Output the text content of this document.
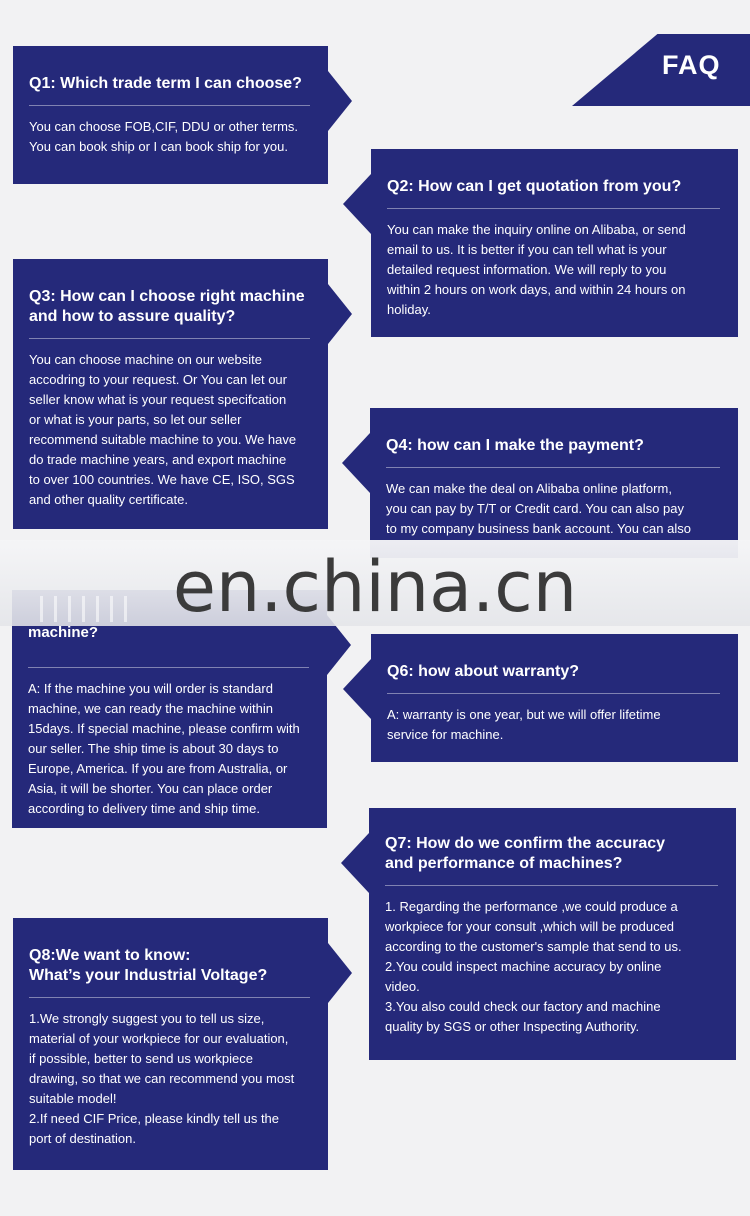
FAQ

Q1: Which trade term I can choose?

You can choose FOB,CIF, DDU or other terms.
You can book ship or I can book ship for you.

Q2: How can I get quotation from you?

You can make the inquiry online on Alibaba, or send
email to us. It is better if you can tell what is your
detailed request information. We will reply to you
within 2 hours on work days, and within 24 hours on
holiday.

Q3: How can I choose right machine
and how to assure quality?

You can choose machine on our website
accodring to your request. Or You can let our
seller know what is your request specifcation
or what is your parts, so let our seller
recommend suitable machine to you. We have
do trade machine years, and export machine
to over 100 countries. We have CE, ISO, SGS
and other quality certificate.

Q4: how can I make the payment?

We can make the deal on Alibaba online platform,
you can pay by T/T or Credit card. You can also pay
to my company business bank account. You can also

A: If the machine you will order is standard
machine, we can ready the machine within
15days. If special machine, please confirm with
our seller. The ship time is about 30 days to
Europe, America. If you are from Australia, or
Asia, it will be shorter. You can place order
according to delivery time and ship time.

Q6: how about warranty?

A: warranty is one year, but we will offer lifetime
service for machine.

Q7: How do we confirm the accuracy
and performance of machines?

1. Regarding the performance ,we could produce a
workpiece for your consult ,which will be produced
according to the customer's sample that send to us.
2.You could inspect machine accuracy by online
video.
3.You also could check our factory and machine
quality by SGS or other Inspecting Authority.

Q8:We want to know:
What’s your Industrial Voltage?

1.We strongly suggest you to tell us size,
material of your workpiece for our evaluation,
if possible, better to send us workpiece
drawing, so that we can recommend you most
suitable model!
2.If need CIF Price, please kindly tell us the
port of destination.

en.china.cn

machine?
